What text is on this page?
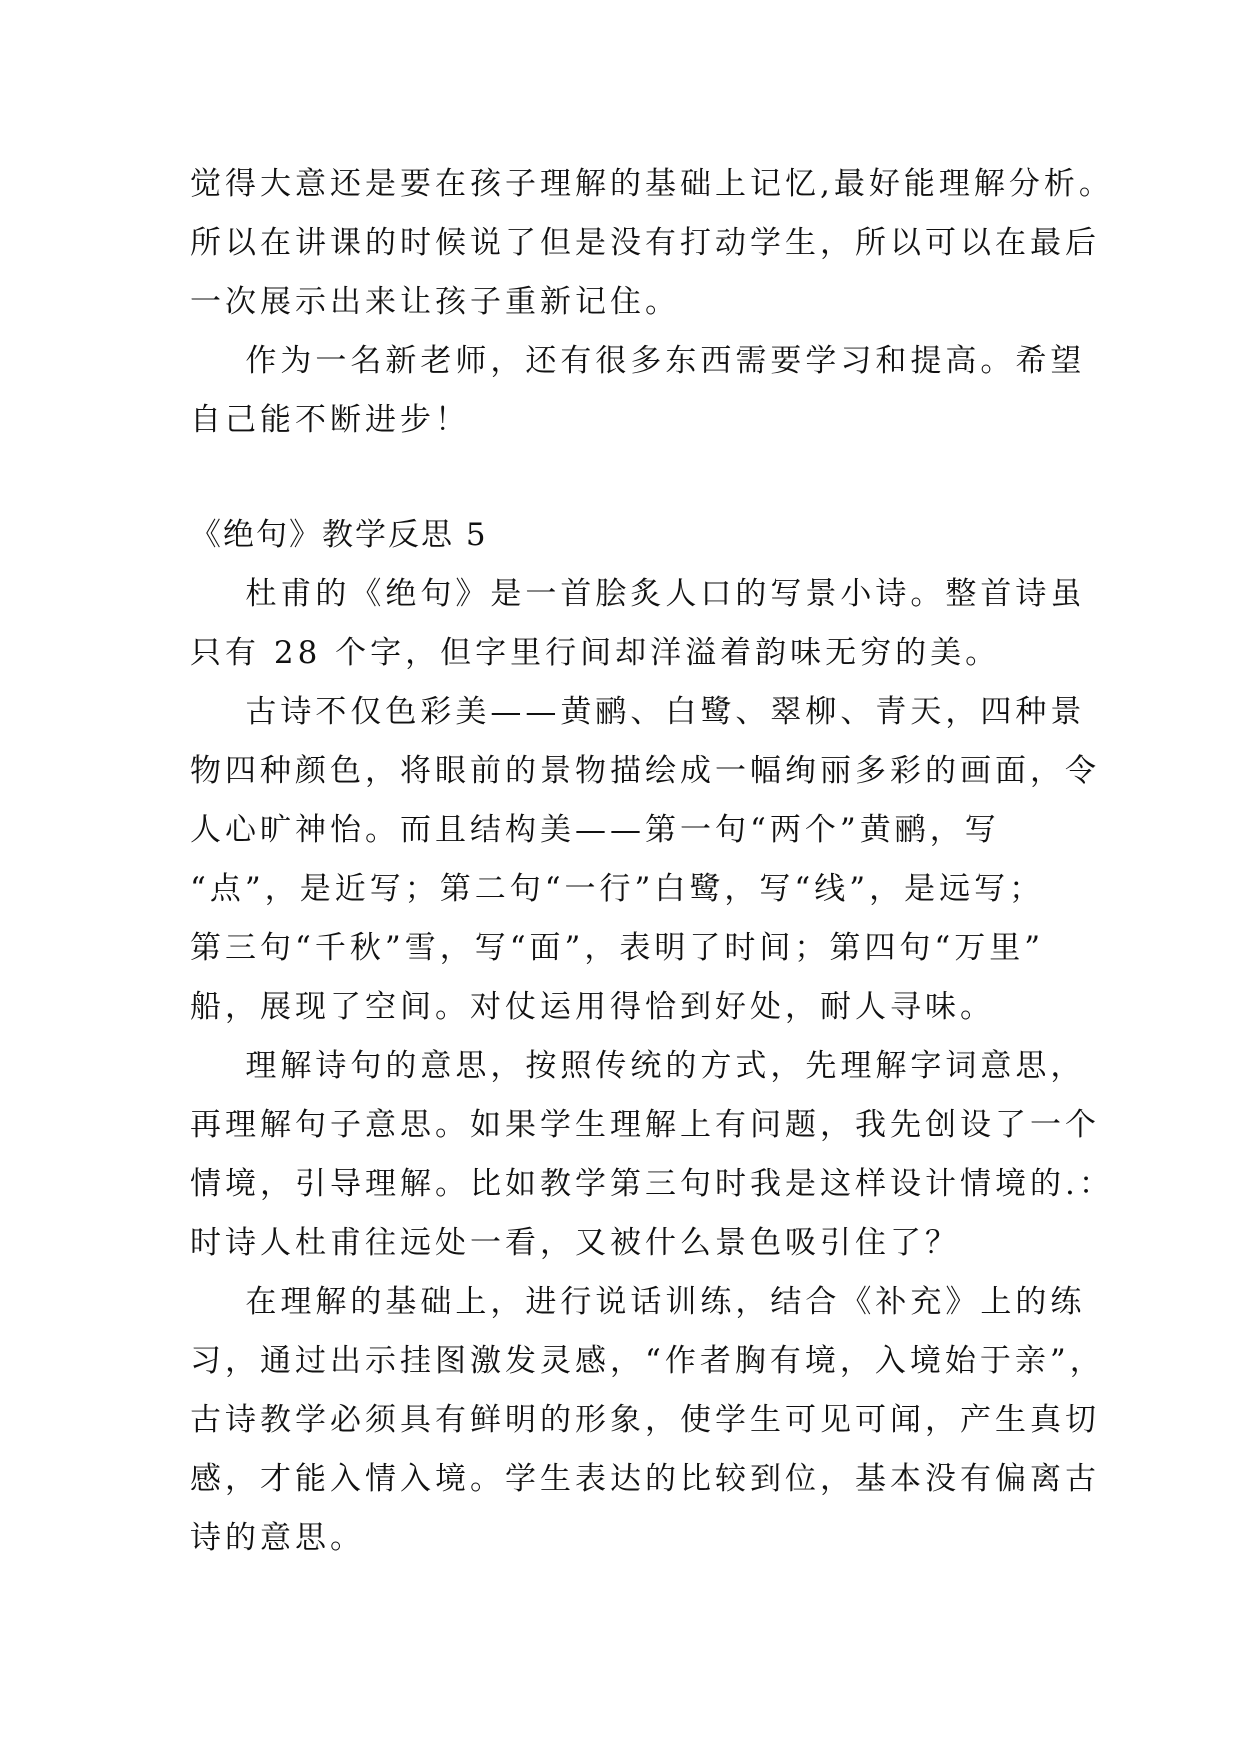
觉得大意还是要在孩子理解的基础上记忆,最好能理解分析。
所以在讲课的时候说了但是没有打动学生，所以可以在最后
一次展示出来让孩子重新记住。
作为一名新老师，还有很多东西需要学习和提高。希望
自己能不断进步！
《绝句》教学反思 5
杜甫的《绝句》是一首脍炙人口的写景小诗。整首诗虽
只有 28 个字，但字里行间却洋溢着韵味无穷的美。
古诗不仅色彩美——黄鹂、白鹭、翠柳、青天，四种景
物四种颜色，将眼前的景物描绘成一幅绚丽多彩的画面，令
人心旷神怡。而且结构美——第一句“两个”黄鹂，写
“点”，是近写；第二句“一行”白鹭，写“线”，是远写；
第三句“千秋”雪，写“面”，表明了时间；第四句“万里”
船，展现了空间。对仗运用得恰到好处，耐人寻味。
理解诗句的意思，按照传统的方式，先理解字词意思，
再理解句子意思。如果学生理解上有问题，我先创设了一个
情境，引导理解。比如教学第三句时我是这样设计情境的.：
时诗人杜甫往远处一看，又被什么景色吸引住了？
在理解的基础上，进行说话训练，结合《补充》上的练
习，通过出示挂图激发灵感，“作者胸有境，入境始于亲”，
古诗教学必须具有鲜明的形象，使学生可见可闻，产生真切
感，才能入情入境。学生表达的比较到位，基本没有偏离古
诗的意思。
